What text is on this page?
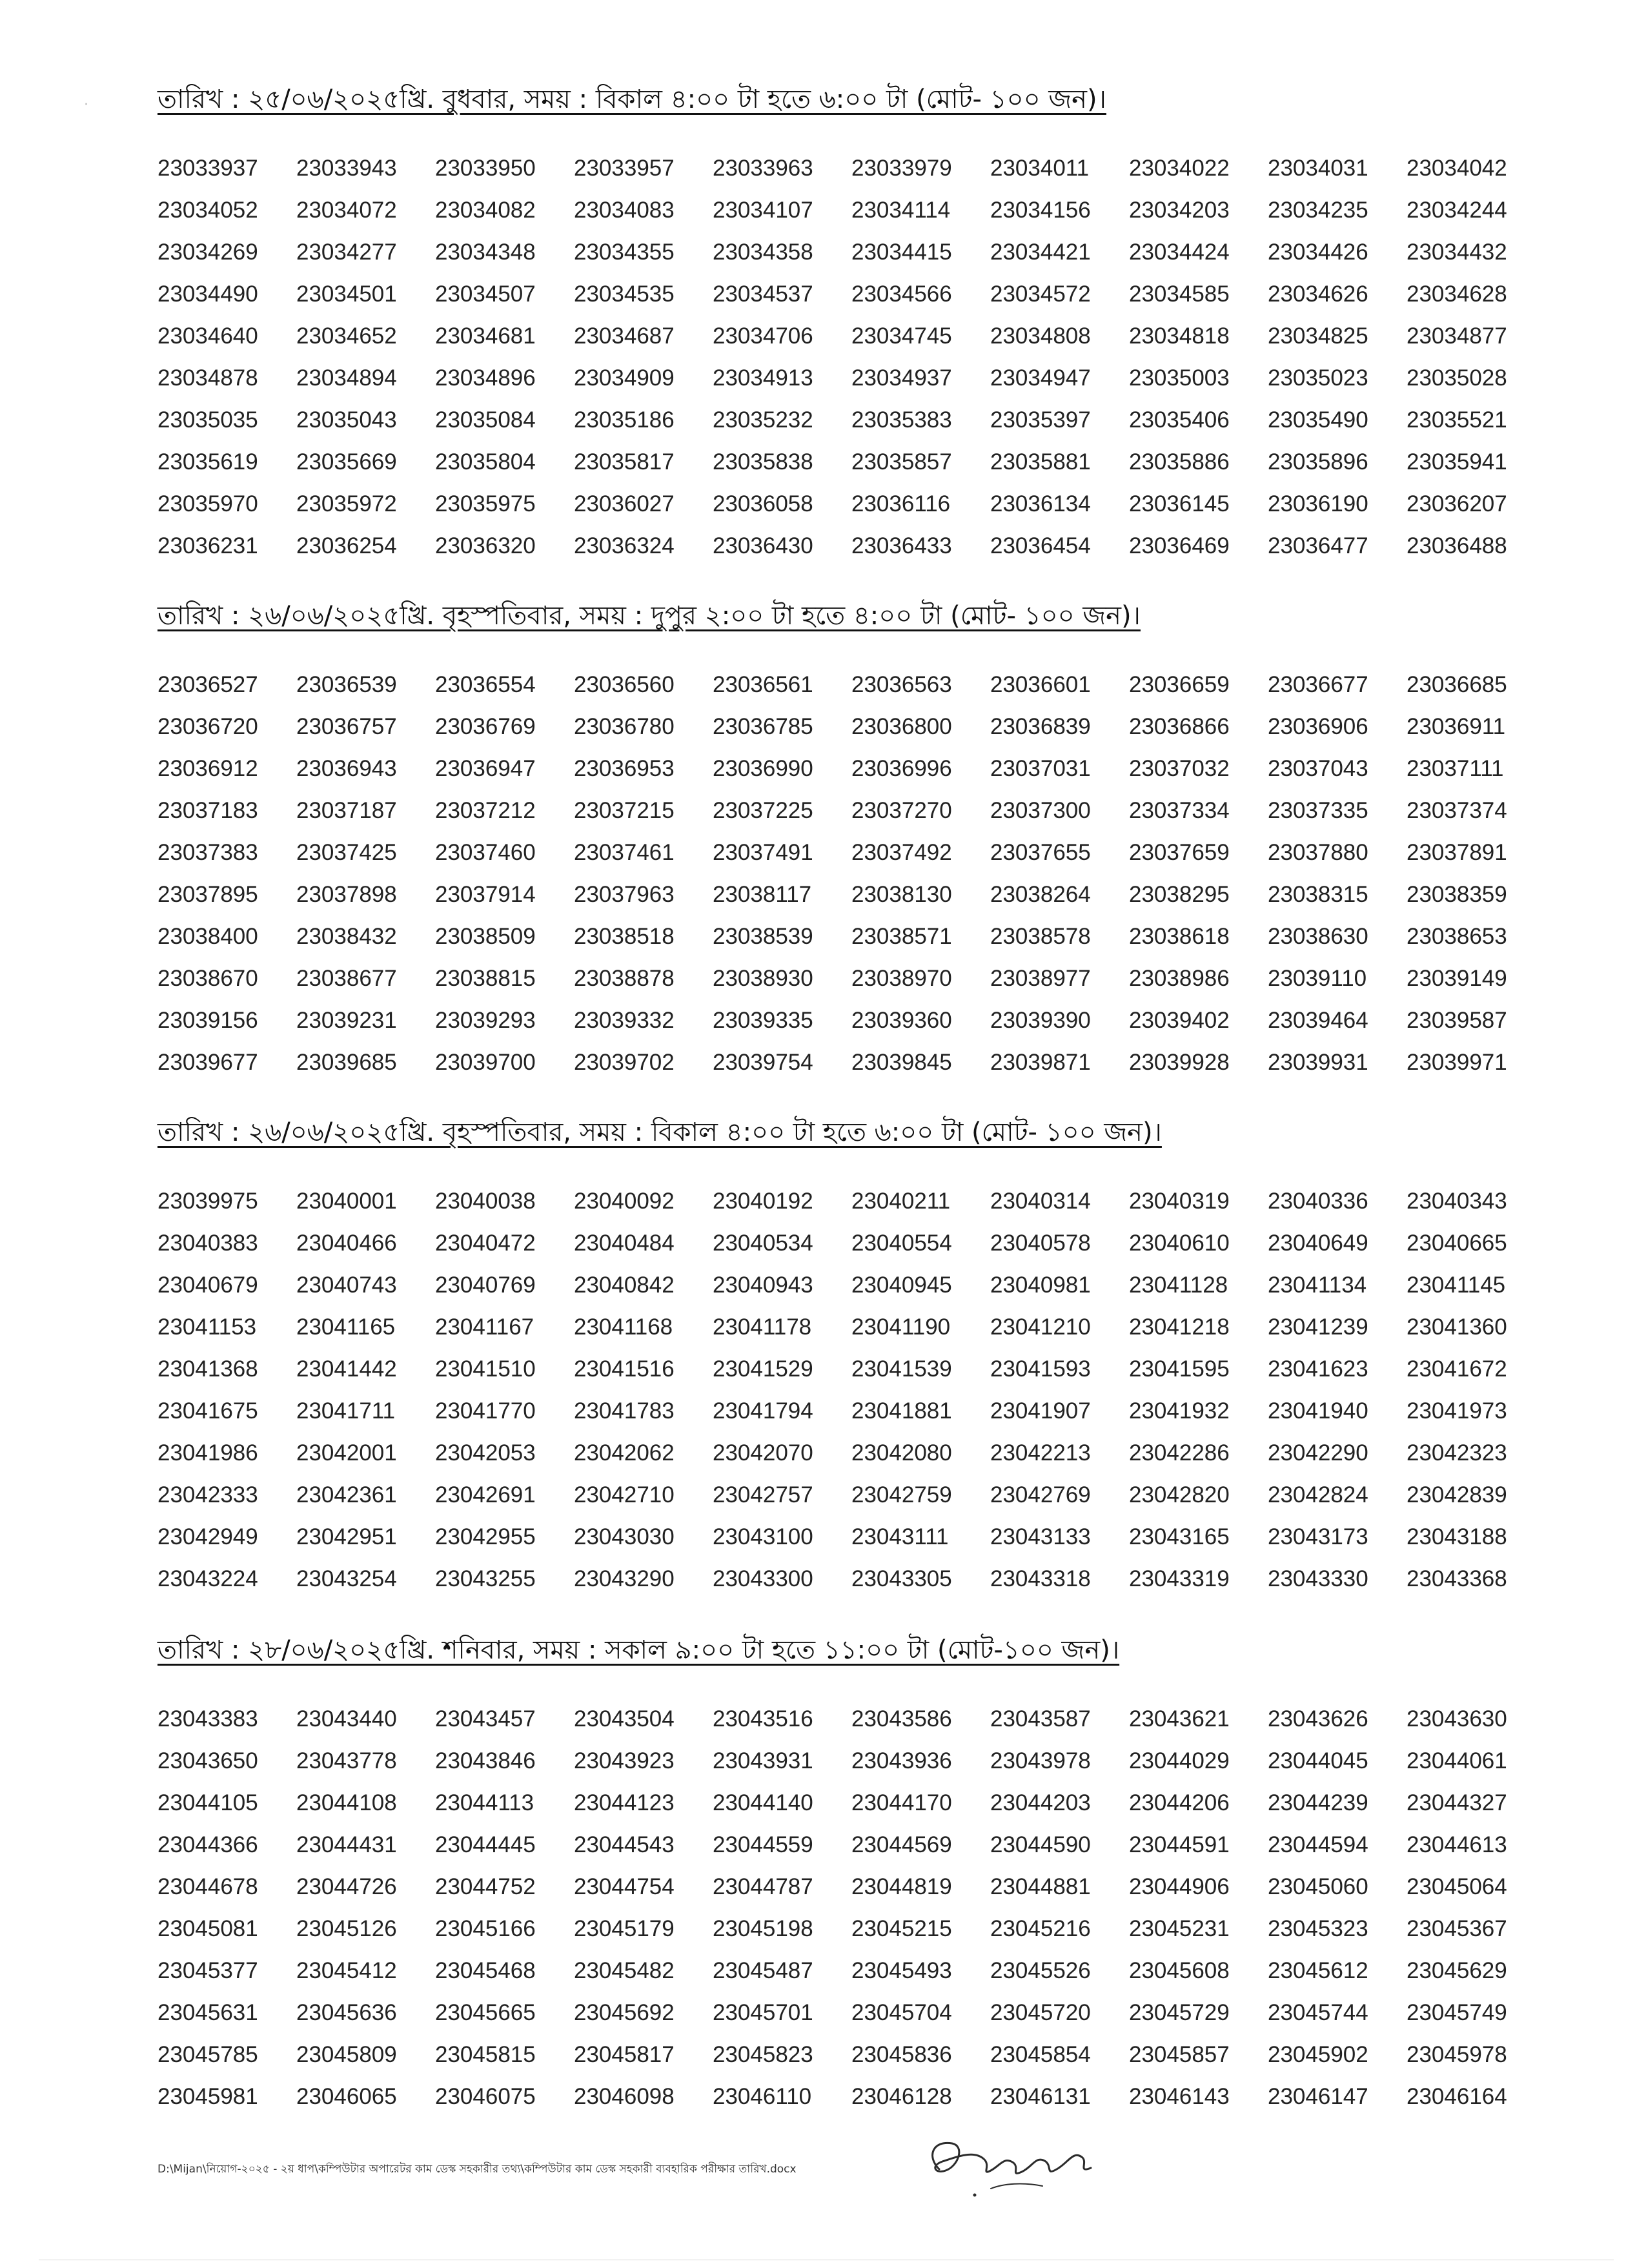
·	তারিখ : ২৫/০৬/২০২৫খ্রি. বুধবার, সময় : বিকাল ৪:০০ টা হতে ৬:০০ টা (মোট- ১০০ জন)।
23033937	23033943	23033950	23033957	23033963	23033979	23034011	23034022	23034031	23034042
23034052	23034072	23034082	23034083	23034107	23034114	23034156	23034203	23034235	23034244
23034269	23034277	23034348	23034355	23034358	23034415	23034421	23034424	23034426	23034432
23034490	23034501	23034507	23034535	23034537	23034566	23034572	23034585	23034626	23034628
23034640	23034652	23034681	23034687	23034706	23034745	23034808	23034818	23034825	23034877
23034878	23034894	23034896	23034909	23034913	23034937	23034947	23035003	23035023	23035028
23035035	23035043	23035084	23035186	23035232	23035383	23035397	23035406	23035490	23035521
23035619	23035669	23035804	23035817	23035838	23035857	23035881	23035886	23035896	23035941
23035970	23035972	23035975	23036027	23036058	23036116	23036134	23036145	23036190	23036207
23036231	23036254	23036320	23036324	23036430	23036433	23036454	23036469	23036477	23036488
তারিখ : ২৬/০৬/২০২৫খ্রি. বৃহস্পতিবার, সময় : দুপুর ২:০০ টা হতে ৪:০০ টা (মোট- ১০০ জন)।
23036527	23036539	23036554	23036560	23036561	23036563	23036601	23036659	23036677	23036685
23036720	23036757	23036769	23036780	23036785	23036800	23036839	23036866	23036906	23036911
23036912	23036943	23036947	23036953	23036990	23036996	23037031	23037032	23037043	23037111
23037183	23037187	23037212	23037215	23037225	23037270	23037300	23037334	23037335	23037374
23037383	23037425	23037460	23037461	23037491	23037492	23037655	23037659	23037880	23037891
23037895	23037898	23037914	23037963	23038117	23038130	23038264	23038295	23038315	23038359
23038400	23038432	23038509	23038518	23038539	23038571	23038578	23038618	23038630	23038653
23038670	23038677	23038815	23038878	23038930	23038970	23038977	23038986	23039110	23039149
23039156	23039231	23039293	23039332	23039335	23039360	23039390	23039402	23039464	23039587
23039677	23039685	23039700	23039702	23039754	23039845	23039871	23039928	23039931	23039971
তারিখ : ২৬/০৬/২০২৫খ্রি. বৃহস্পতিবার, সময় : বিকাল ৪:০০ টা হতে ৬:০০ টা (মোট- ১০০ জন)।
23039975	23040001	23040038	23040092	23040192	23040211	23040314	23040319	23040336	23040343
23040383	23040466	23040472	23040484	23040534	23040554	23040578	23040610	23040649	23040665
23040679	23040743	23040769	23040842	23040943	23040945	23040981	23041128	23041134	23041145
23041153	23041165	23041167	23041168	23041178	23041190	23041210	23041218	23041239	23041360
23041368	23041442	23041510	23041516	23041529	23041539	23041593	23041595	23041623	23041672
23041675	23041711	23041770	23041783	23041794	23041881	23041907	23041932	23041940	23041973
23041986	23042001	23042053	23042062	23042070	23042080	23042213	23042286	23042290	23042323
23042333	23042361	23042691	23042710	23042757	23042759	23042769	23042820	23042824	23042839
23042949	23042951	23042955	23043030	23043100	23043111	23043133	23043165	23043173	23043188
23043224	23043254	23043255	23043290	23043300	23043305	23043318	23043319	23043330	23043368
তারিখ : ২৮/০৬/২০২৫খ্রি. শনিবার, সময় : সকাল ৯:০০ টা হতে ১১:০০ টা (মোট-১০০ জন)।
23043383	23043440	23043457	23043504	23043516	23043586	23043587	23043621	23043626	23043630
23043650	23043778	23043846	23043923	23043931	23043936	23043978	23044029	23044045	23044061
23044105	23044108	23044113	23044123	23044140	23044170	23044203	23044206	23044239	23044327
23044366	23044431	23044445	23044543	23044559	23044569	23044590	23044591	23044594	23044613
23044678	23044726	23044752	23044754	23044787	23044819	23044881	23044906	23045060	23045064
23045081	23045126	23045166	23045179	23045198	23045215	23045216	23045231	23045323	23045367
23045377	23045412	23045468	23045482	23045487	23045493	23045526	23045608	23045612	23045629
23045631	23045636	23045665	23045692	23045701	23045704	23045720	23045729	23045744	23045749
23045785	23045809	23045815	23045817	23045823	23045836	23045854	23045857	23045902	23045978
23045981	23046065	23046075	23046098	23046110	23046128	23046131	23046143	23046147	23046164
D:\Mijan\নিয়োগ-২০২৫ - ২য় ধাপ\কম্পিউটার অপারেটর কাম ডেস্ক সহকারীর তথ্য\কম্পিউটার কাম ডেস্ক সহকারী ব্যবহারিক পরীক্ষার তারিখ.docx
